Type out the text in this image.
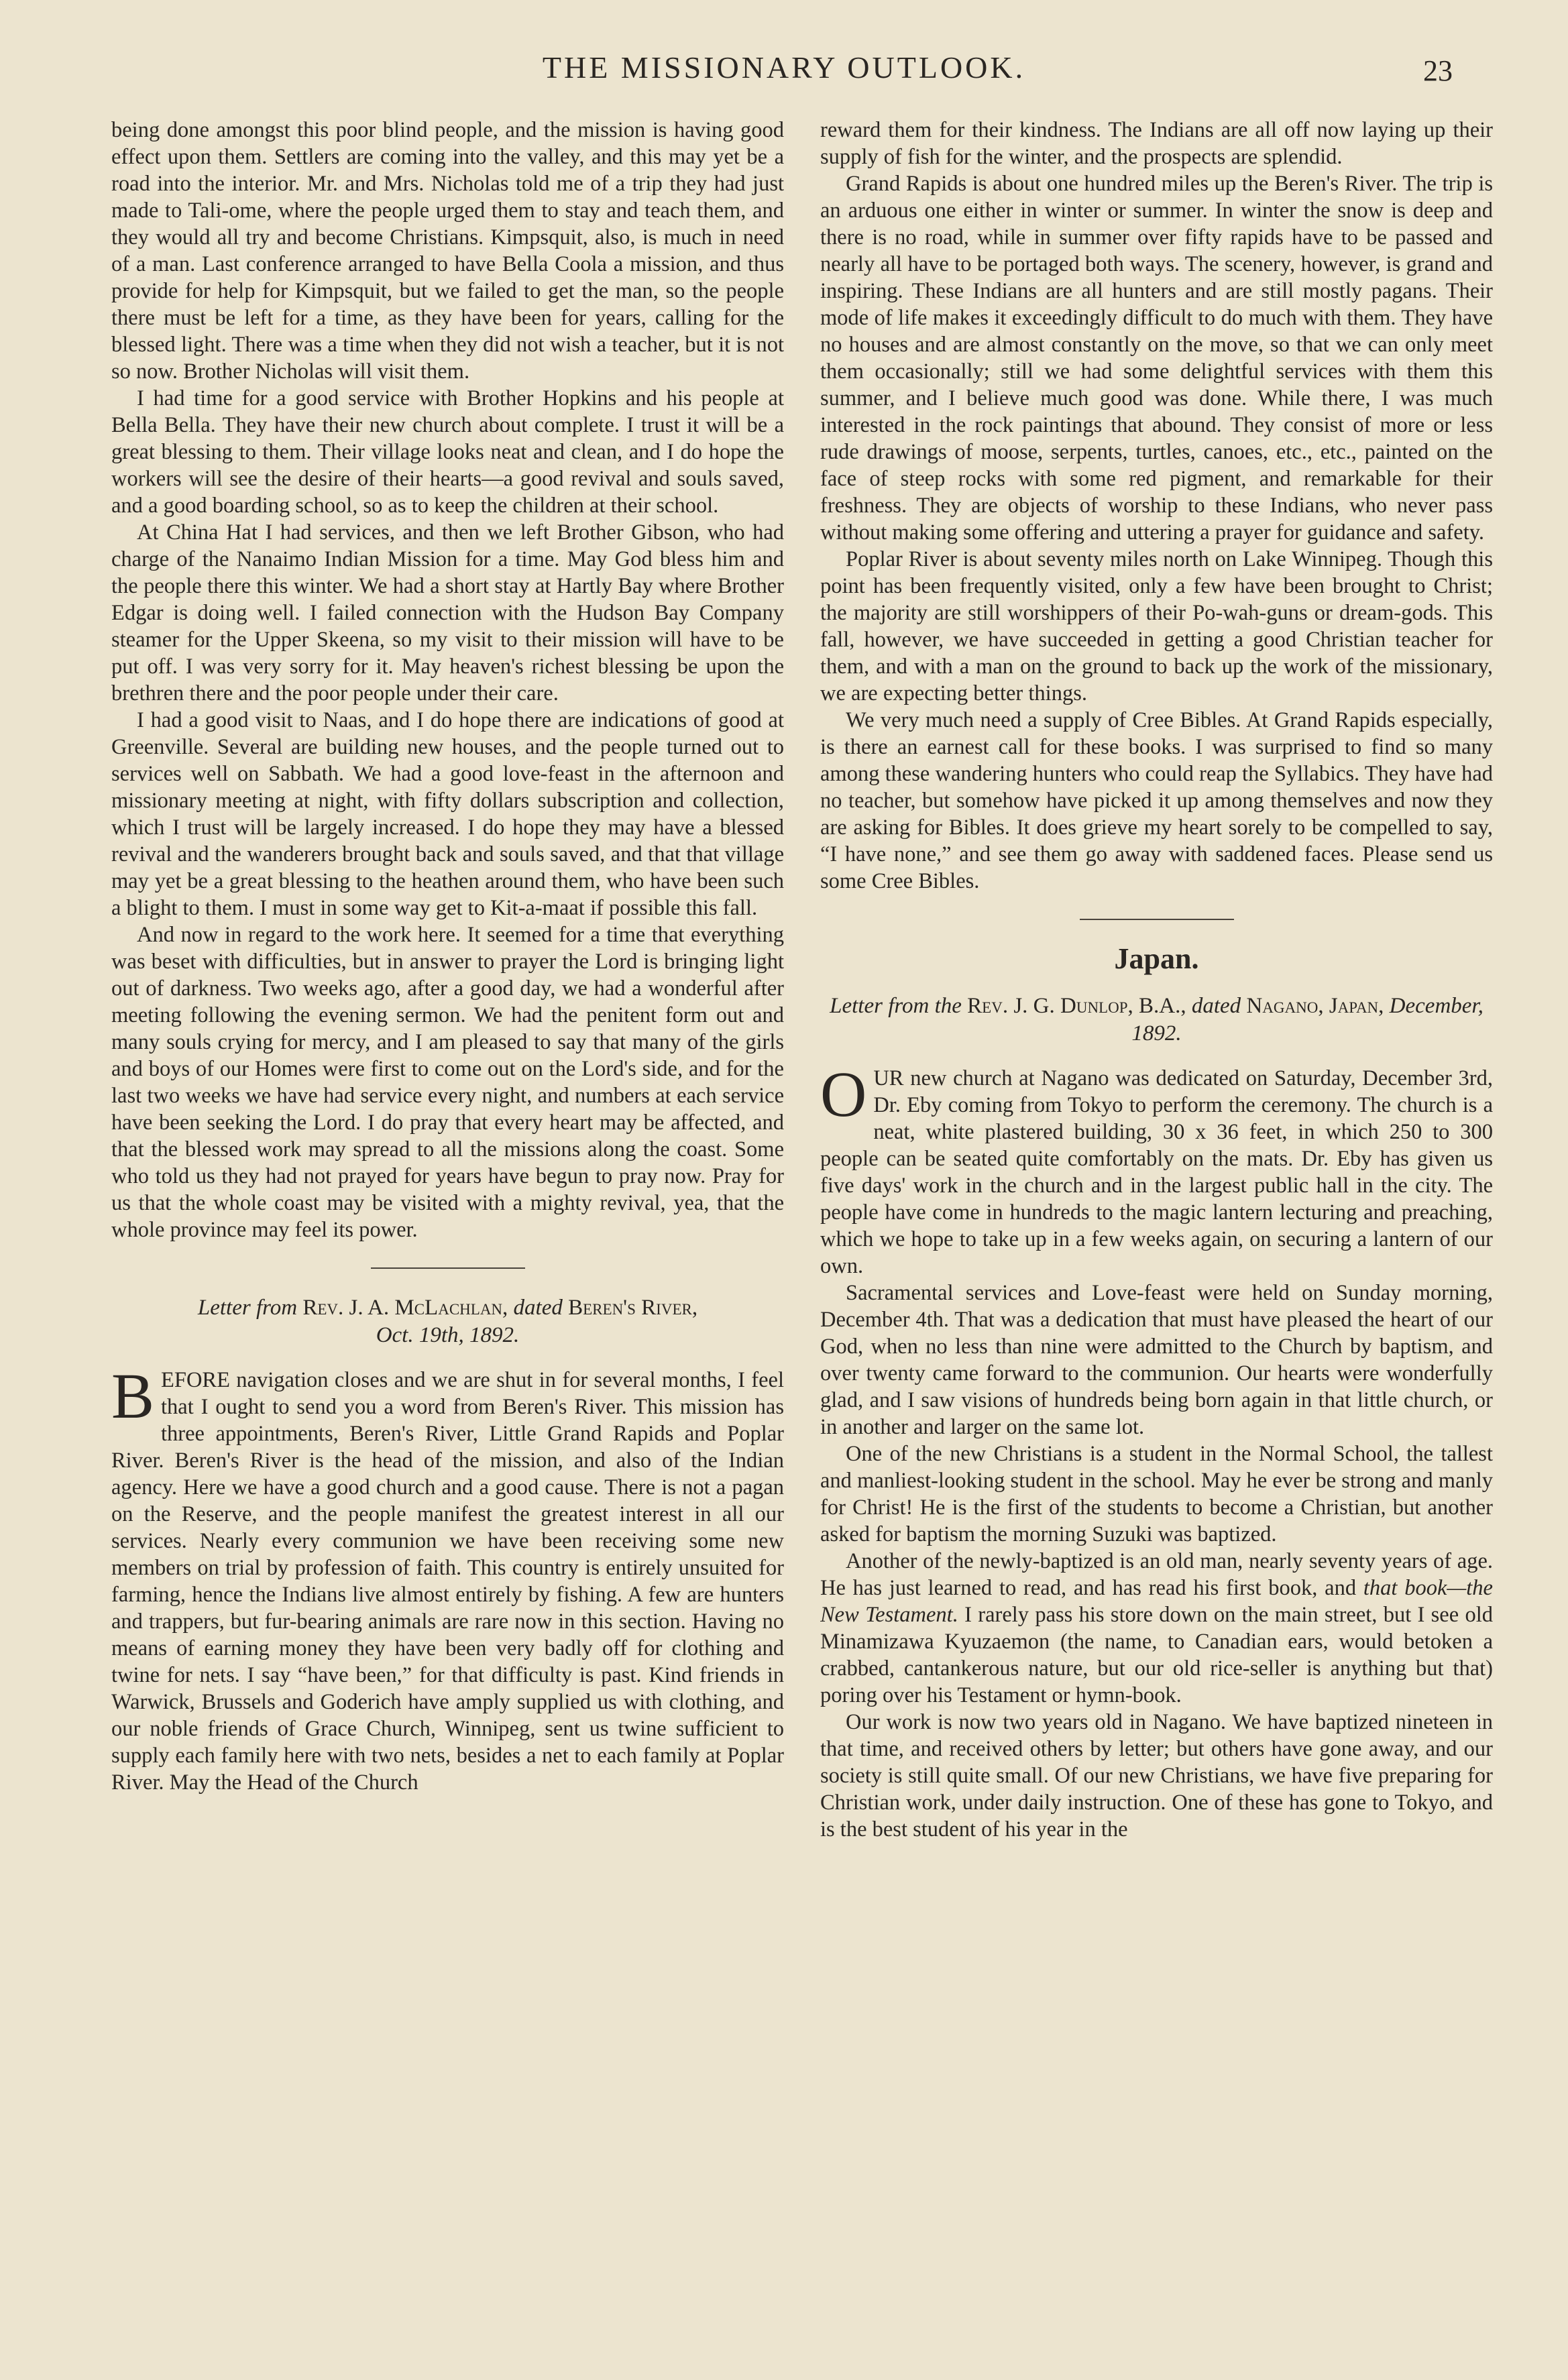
THE MISSIONARY OUTLOOK.	23

being done amongst this poor blind people, and the mission is having good effect upon them. Settlers are coming into the valley, and this may yet be a road into the interior. Mr. and Mrs. Nicholas told me of a trip they had just made to Tali-ome, where the people urged them to stay and teach them, and they would all try and become Christians. Kimpsquit, also, is much in need of a man. Last conference arranged to have Bella Coola a mission, and thus provide for help for Kimpsquit, but we failed to get the man, so the people there must be left for a time, as they have been for years, calling for the blessed light. There was a time when they did not wish a teacher, but it is not so now. Brother Nicholas will visit them.

I had time for a good service with Brother Hopkins and his people at Bella Bella. They have their new church about complete. I trust it will be a great blessing to them. Their village looks neat and clean, and I do hope the workers will see the desire of their hearts—a good revival and souls saved, and a good boarding school, so as to keep the children at their school.

At China Hat I had services, and then we left Brother Gibson, who had charge of the Nanaimo Indian Mission for a time. May God bless him and the people there this winter. We had a short stay at Hartly Bay where Brother Edgar is doing well. I failed connection with the Hudson Bay Company steamer for the Upper Skeena, so my visit to their mission will have to be put off. I was very sorry for it. May heaven's richest blessing be upon the brethren there and the poor people under their care.

I had a good visit to Naas, and I do hope there are indications of good at Greenville. Several are building new houses, and the people turned out to services well on Sabbath. We had a good love-feast in the afternoon and missionary meeting at night, with fifty dollars subscription and collection, which I trust will be largely increased. I do hope they may have a blessed revival and the wanderers brought back and souls saved, and that that village may yet be a great blessing to the heathen around them, who have been such a blight to them. I must in some way get to Kit-a-maat if possible this fall.

And now in regard to the work here. It seemed for a time that everything was beset with difficulties, but in answer to prayer the Lord is bringing light out of darkness. Two weeks ago, after a good day, we had a wonderful after meeting following the evening sermon. We had the penitent form out and many souls crying for mercy, and I am pleased to say that many of the girls and boys of our Homes were first to come out on the Lord's side, and for the last two weeks we have had service every night, and numbers at each service have been seeking the Lord. I do pray that every heart may be affected, and that the blessed work may spread to all the missions along the coast. Some who told us they had not prayed for years have begun to pray now. Pray for us that the whole coast may be visited with a mighty revival, yea, that the whole province may feel its power.

Letter from Rev. J. A. McLachlan, dated Beren's River,
Oct. 19th, 1892.

BEFORE navigation closes and we are shut in for several months, I feel that I ought to send you a word from Beren's River. This mission has three appointments, Beren's River, Little Grand Rapids and Poplar River. Beren's River is the head of the mission, and also of the Indian agency. Here we have a good church and a good cause. There is not a pagan on the Reserve, and the people manifest the greatest interest in all our services. Nearly every communion we have been receiving some new members on trial by profession of faith. This country is entirely unsuited for farming, hence the Indians live almost entirely by fishing. A few are hunters and trappers, but fur-bearing animals are rare now in this section. Having no means of earning money they have been very badly off for clothing and twine for nets. I say “have been,” for that difficulty is past. Kind friends in Warwick, Brussels and Goderich have amply supplied us with clothing, and our noble friends of Grace Church, Winnipeg, sent us twine sufficient to supply each family here with two nets, besides a net to each family at Poplar River. May the Head of the Church

reward them for their kindness. The Indians are all off now laying up their supply of fish for the winter, and the prospects are splendid.

Grand Rapids is about one hundred miles up the Beren's River. The trip is an arduous one either in winter or summer. In winter the snow is deep and there is no road, while in summer over fifty rapids have to be passed and nearly all have to be portaged both ways. The scenery, however, is grand and inspiring. These Indians are all hunters and are still mostly pagans. Their mode of life makes it exceedingly difficult to do much with them. They have no houses and are almost constantly on the move, so that we can only meet them occasionally; still we had some delightful services with them this summer, and I believe much good was done. While there, I was much interested in the rock paintings that abound. They consist of more or less rude drawings of moose, serpents, turtles, canoes, etc., etc., painted on the face of steep rocks with some red pigment, and remarkable for their freshness. They are objects of worship to these Indians, who never pass without making some offering and uttering a prayer for guidance and safety.

Poplar River is about seventy miles north on Lake Winnipeg. Though this point has been frequently visited, only a few have been brought to Christ; the majority are still worshippers of their Po-wah-guns or dream-gods. This fall, however, we have succeeded in getting a good Christian teacher for them, and with a man on the ground to back up the work of the missionary, we are expecting better things.

We very much need a supply of Cree Bibles. At Grand Rapids especially, is there an earnest call for these books. I was surprised to find so many among these wandering hunters who could reap the Syllabics. They have had no teacher, but somehow have picked it up among themselves and now they are asking for Bibles. It does grieve my heart sorely to be compelled to say, “I have none,” and see them go away with saddened faces. Please send us some Cree Bibles.

Japan.
Letter from the Rev. J. G. Dunlop, B.A., dated Nagano, Japan, December, 1892.

OUR new church at Nagano was dedicated on Saturday, December 3rd, Dr. Eby coming from Tokyo to perform the ceremony. The church is a neat, white plastered building, 30 x 36 feet, in which 250 to 300 people can be seated quite comfortably on the mats. Dr. Eby has given us five days' work in the church and in the largest public hall in the city. The people have come in hundreds to the magic lantern lecturing and preaching, which we hope to take up in a few weeks again, on securing a lantern of our own.

Sacramental services and Love-feast were held on Sunday morning, December 4th. That was a dedication that must have pleased the heart of our God, when no less than nine were admitted to the Church by baptism, and over twenty came forward to the communion. Our hearts were wonderfully glad, and I saw visions of hundreds being born again in that little church, or in another and larger on the same lot.

One of the new Christians is a student in the Normal School, the tallest and manliest-looking student in the school. May he ever be strong and manly for Christ! He is the first of the students to become a Christian, but another asked for baptism the morning Suzuki was baptized.

Another of the newly-baptized is an old man, nearly seventy years of age. He has just learned to read, and has read his first book, and that book—the New Testament. I rarely pass his store down on the main street, but I see old Minamizawa Kyuzaemon (the name, to Canadian ears, would betoken a crabbed, cantankerous nature, but our old rice-seller is anything but that) poring over his Testament or hymn-book.

Our work is now two years old in Nagano. We have baptized nineteen in that time, and received others by letter; but others have gone away, and our society is still quite small. Of our new Christians, we have five preparing for Christian work, under daily instruction. One of these has gone to Tokyo, and is the best student of his year in the
